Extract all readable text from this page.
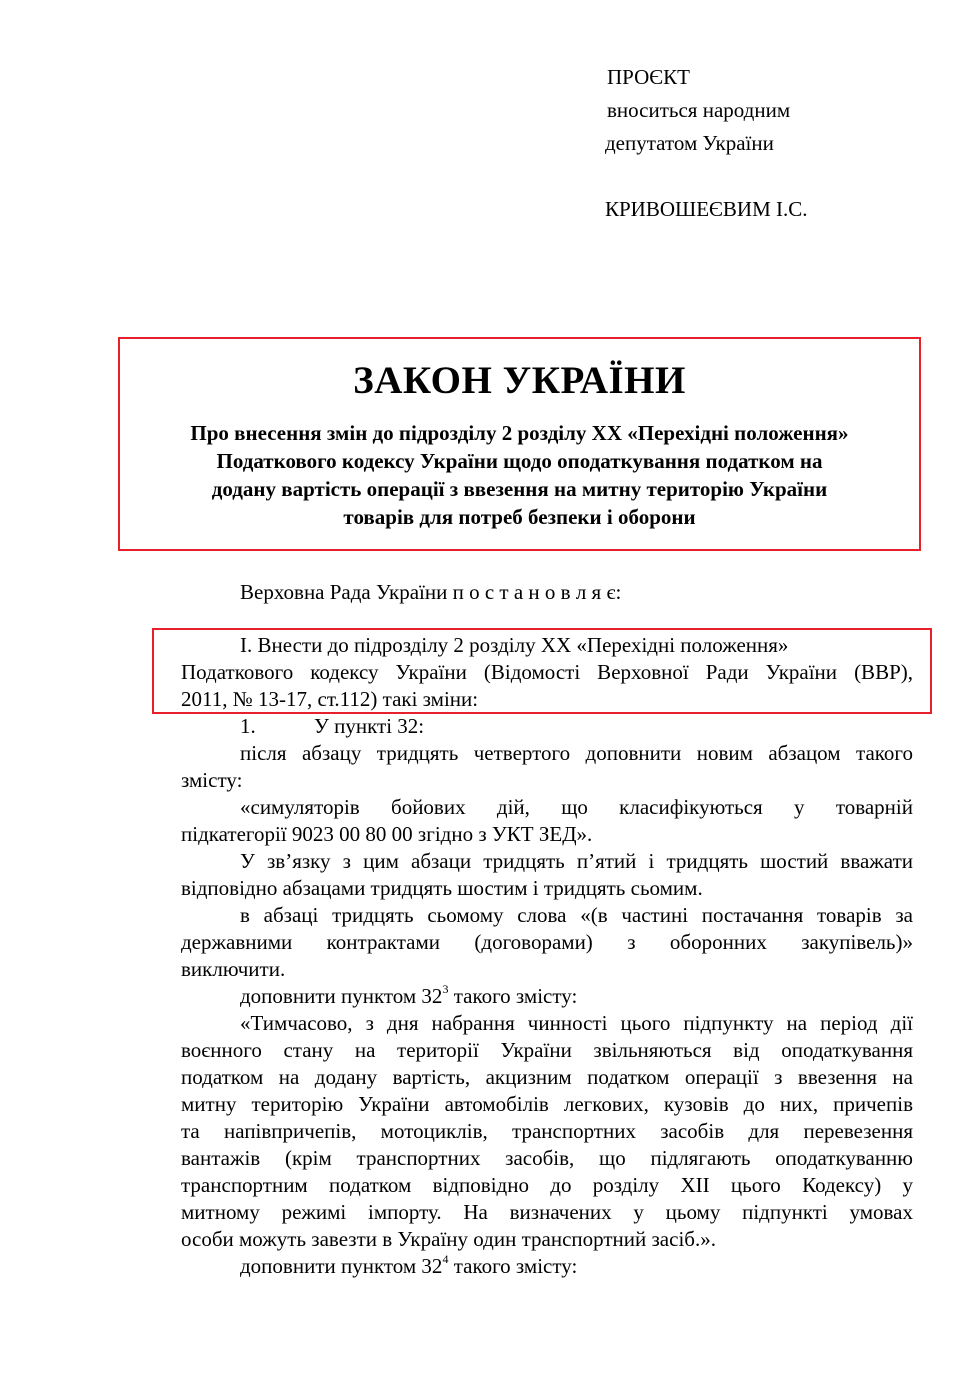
ПРОЄКТ
вноситься народним
депутатом України
КРИВОШЕЄВИМ І.С.
ЗАКОН УКРАЇНИ
Про внесення змін до підрозділу 2 розділу XX «Перехідні положення»
Податкового кодексу України щодо оподаткування податком на
додану вартість операції з ввезення на митну територію України
товарів для потреб безпеки і оборони
Верховна Рада України п о с т а н о в л я є:
І. Внести до підрозділу 2 розділу XX «Перехідні положення»
Податкового кодексу України (Відомості Верховної Ради України (ВВР),
2011, № 13-17, ст.112) такі зміни:
1.	У пункті 32:
після абзацу тридцять четвертого доповнити новим абзацом такого
змісту:
«симуляторів бойових дій, що класифікуються у товарній
підкатегорії 9023 00 80 00 згідно з УКТ ЗЕД».
У зв’язку з цим абзаци тридцять п’ятий і тридцять шостий вважати
відповідно абзацами тридцять шостим і тридцять сьомим.
в абзаці тридцять сьомому слова «(в частині постачання товарів за
державними контрактами (договорами) з оборонних закупівель)»
виключити.
доповнити пунктом $32^3$ такого змісту:
«Тимчасово, з дня набрання чинності цього підпункту на період дії
воєнного стану на території України звільняються від оподаткування
податком на додану вартість, акцизним податком операції з ввезення на
митну територію України автомобілів легкових, кузовів до них, причепів
та напівпричепів, мотоциклів, транспортних засобів для перевезення
вантажів (крім транспортних засобів, що підлягають оподаткуванню
транспортним податком відповідно до розділу ХІІ цього Кодексу) у
митному режимі імпорту. На визначених у цьому підпункті умовах
особи можуть завезти в Україну один транспортний засіб.».
доповнити пунктом $32^4$ такого змісту:
